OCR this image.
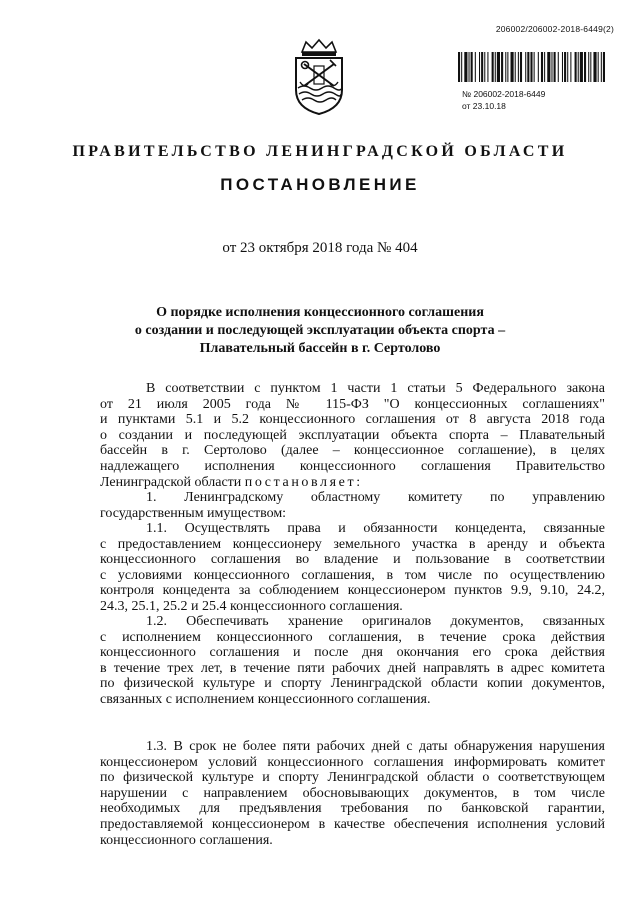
206002/206002-2018-6449(2)
№ 206002-2018-6449
от 23.10.18
ПРАВИТЕЛЬСТВО ЛЕНИНГРАДСКОЙ ОБЛАСТИ
ПОСТАНОВЛЕНИЕ
от 23 октября 2018 года № 404
О порядке исполнения концессионного соглашения
о создании и последующей эксплуатации объекта спорта –
Плавательный бассейн в г. Сертолово
В соответствии с пунктом 1 части 1 статьи 5 Федерального закона
от 21 июля 2005 года № 115-ФЗ "О концессионных соглашениях"
и пунктами 5.1 и 5.2 концессионного соглашения от 8 августа 2018 года
о создании и последующей эксплуатации объекта спорта – Плавательный
бассейн в г. Сертолово (далее – концессионное соглашение), в целях
надлежащего исполнения концессионного соглашения Правительство
Ленинградской области постановляет:
1. Ленинградскому областному комитету по управлению
государственным имуществом:
1.1. Осуществлять права и обязанности концедента, связанные
с предоставлением концессионеру земельного участка в аренду и объекта
концессионного соглашения во владение и пользование в соответствии
с условиями концессионного соглашения, в том числе по осуществлению
контроля концедента за соблюдением концессионером пунктов 9.9, 9.10, 24.2,
24.3, 25.1, 25.2 и 25.4 концессионного соглашения.
1.2. Обеспечивать хранение оригиналов документов, связанных
с исполнением концессионного соглашения, в течение срока действия
концессионного соглашения и после дня окончания его срока действия
в течение трех лет, в течение пяти рабочих дней направлять в адрес комитета
по физической культуре и спорту Ленинградской области копии документов,
связанных с исполнением концессионного соглашения.
1.3. В срок не более пяти рабочих дней с даты обнаружения нарушения
концессионером условий концессионного соглашения информировать комитет
по физической культуре и спорту Ленинградской области о соответствующем
нарушении с направлением обосновывающих документов, в том числе
необходимых для предъявления требования по банковской гарантии,
предоставляемой концессионером в качестве обеспечения исполнения условий
концессионного соглашения.
